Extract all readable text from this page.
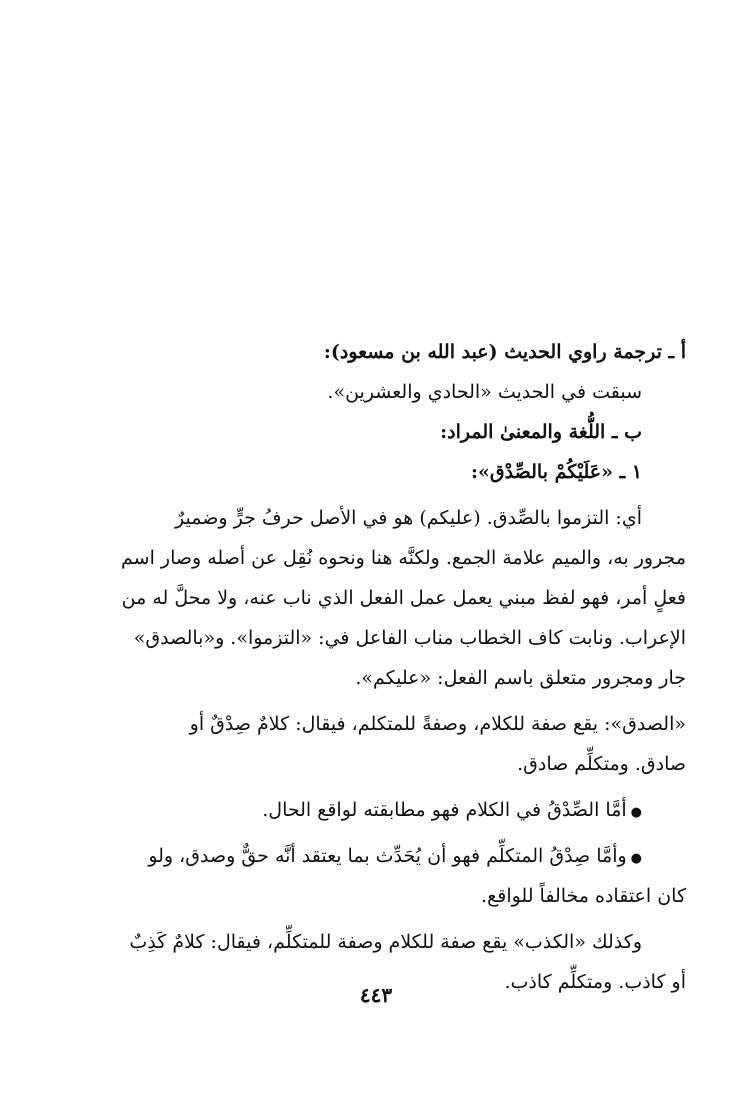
أ ـ ترجمة راوي الحديث (عبد الله بن مسعود):
سبقت في الحديث «الحادي والعشرين».
ب ـ اللُّغة والمعنىٰ المراد:
١ ـ «عَلَيْكُمْ بالصِّدْق»:
أي: التزموا بالصِّدق. (عليكم) هو في الأصل حرفُ جرٍّ وضميرٌ
مجرور به، والميم علامة الجمع. ولكنَّه هنا ونحوه نُقِل عن أصله وصار اسم
فعلٍ أمر، فهو لفظ مبني يعمل عمل الفعل الذي ناب عنه، ولا محلَّ له من
الإعراب. ونابت كاف الخطاب مناب الفاعل في: «التزموا». و«بالصدق»
جار ومجرور متعلق باسم الفعل: «عليكم».
«الصدق»: يقع صفة للكلام، وصفةً للمتكلم، فيقال: كلامٌ صِدْقٌ أو
صادق. ومتكلِّم صادق.
● أمَّا الصِّدْقُ في الكلام فهو مطابقته لواقع الحال.
● وأمَّا صِدْقُ المتكلِّم فهو أن يُحَدِّث بما يعتقد أنَّه حقٌّ وصدق، ولو
كان اعتقاده مخالفاً للواقع.
وكذلك «الكذب» يقع صفة للكلام وصفة للمتكلِّم، فيقال: كلامٌ كَذِبٌ
أو كاذب. ومتكلِّم كاذب.
٤٤٣
